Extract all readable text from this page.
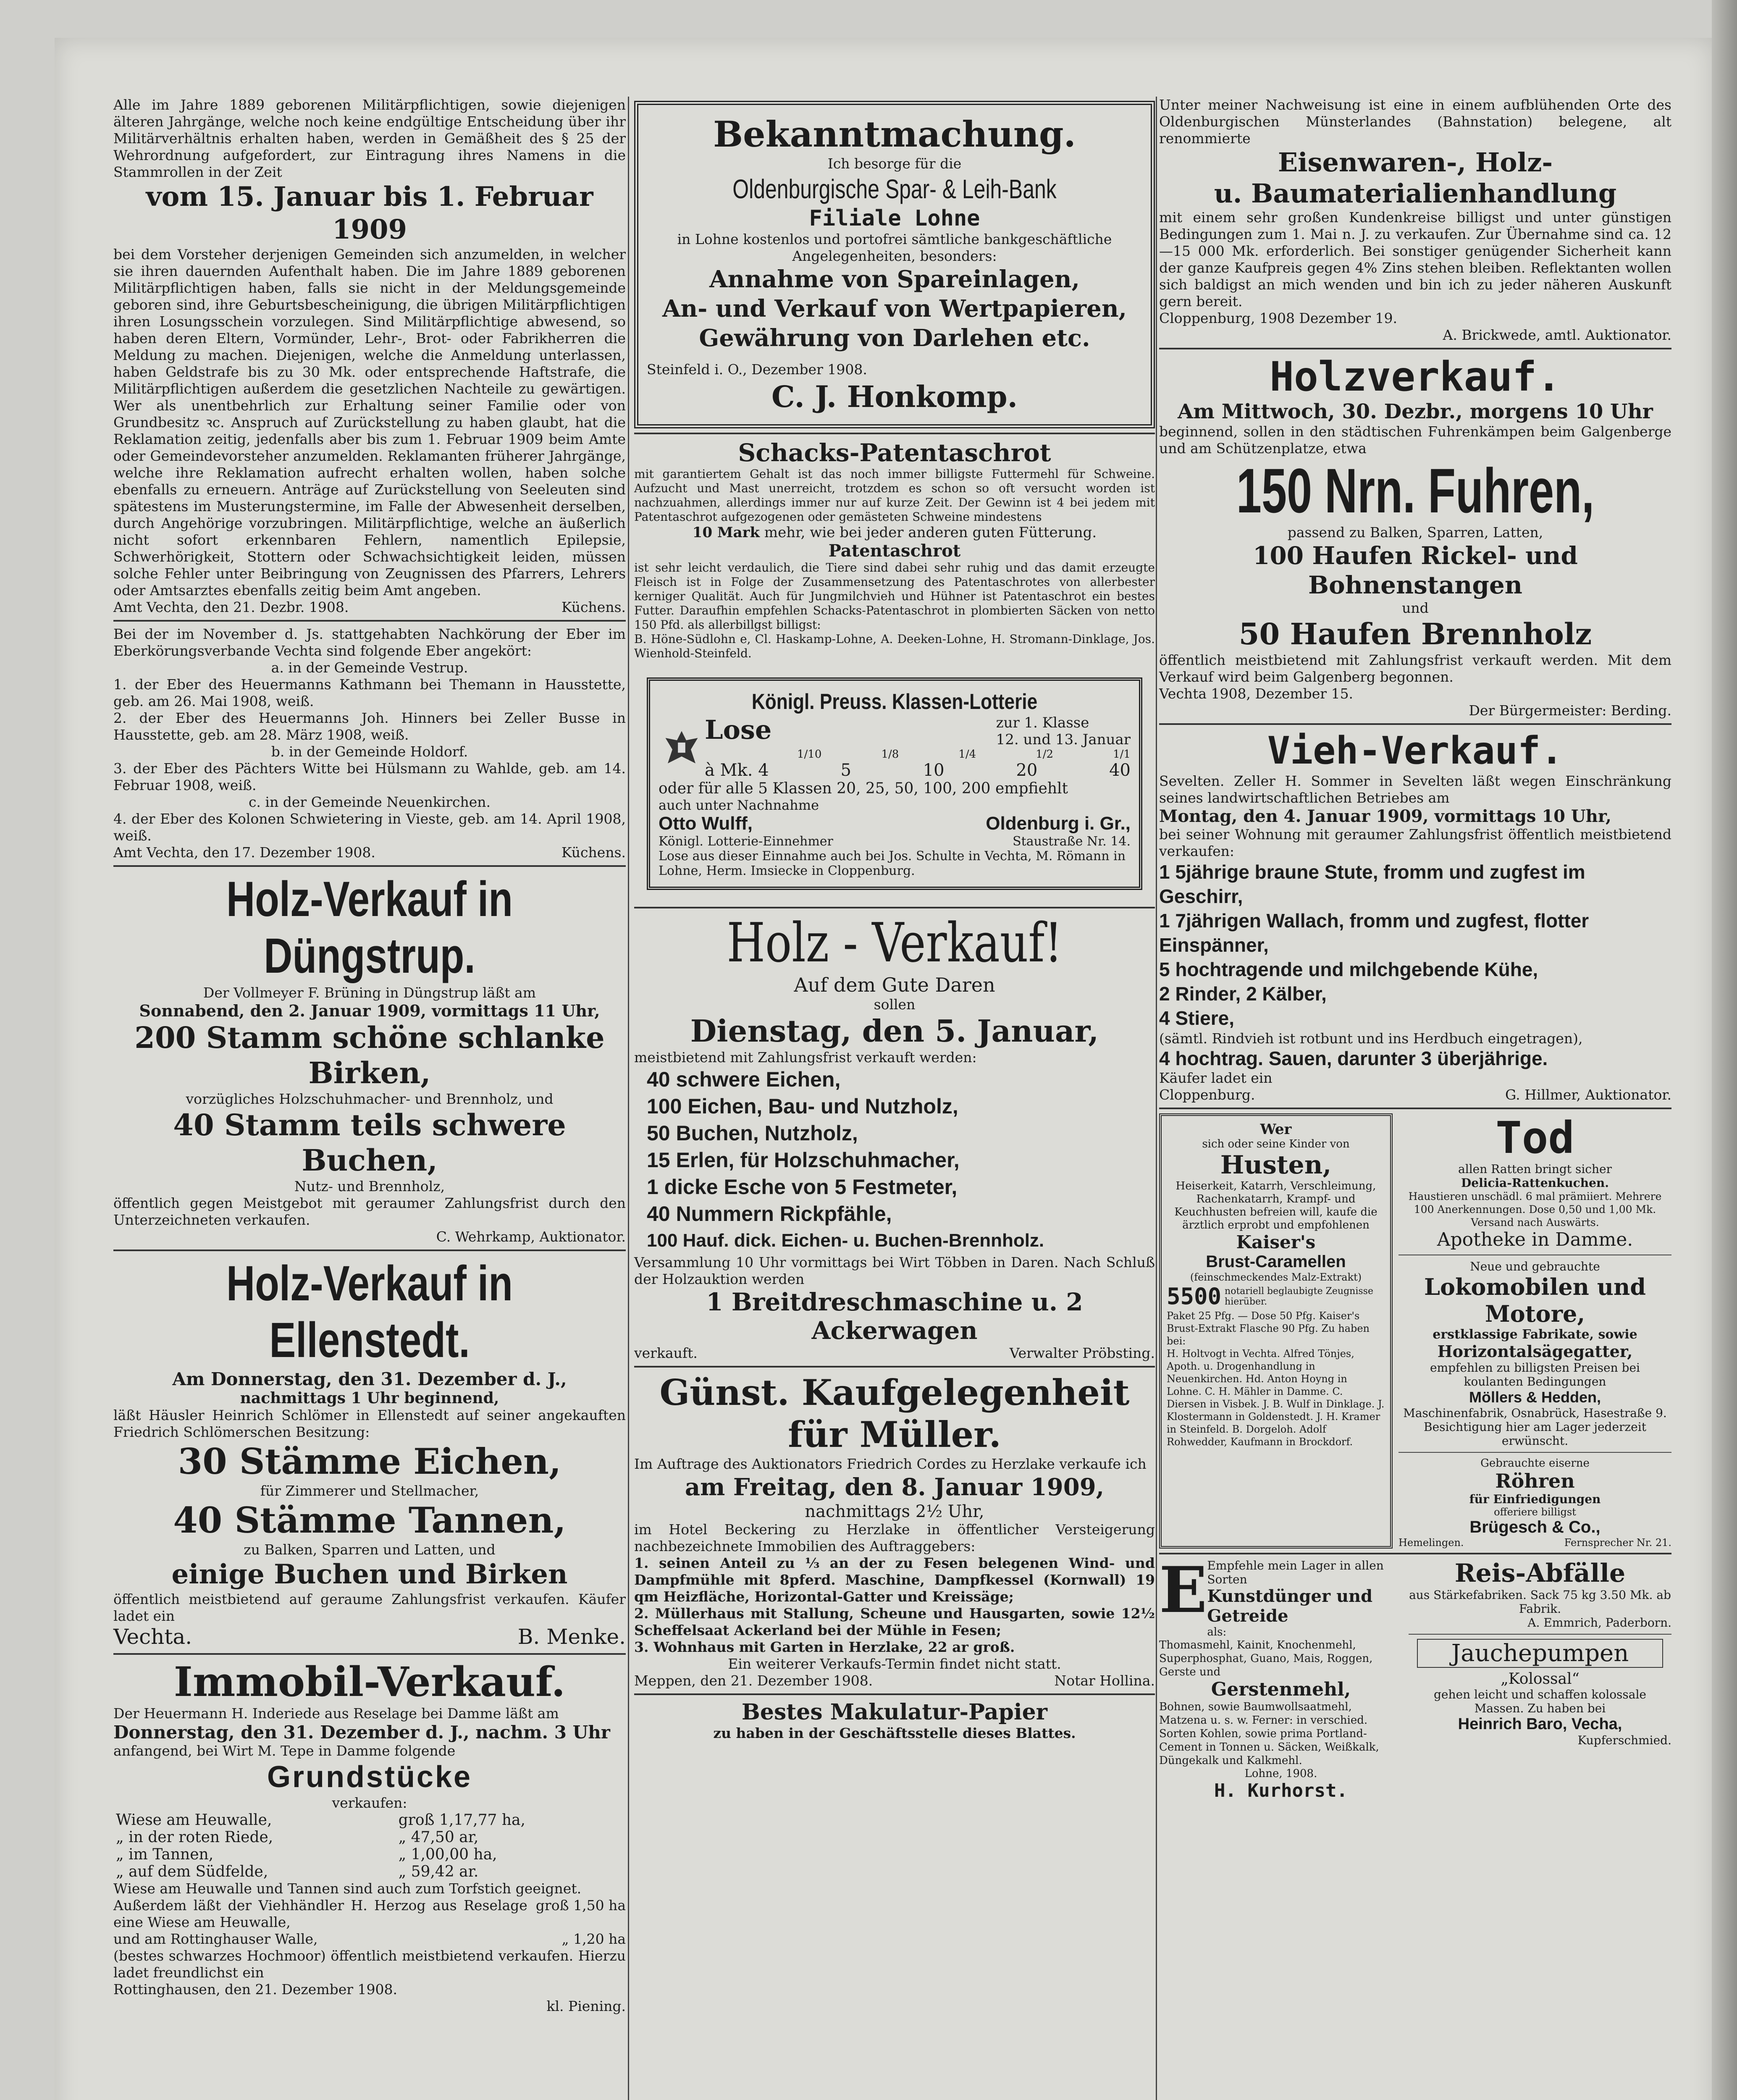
Alle im Jahre 1889 geborenen Militärpflichtigen, sowie diejenigen älteren Jahrgänge, welche noch keine endgültige Entscheidung über ihr Militärverhältnis erhalten haben, werden in Gemäßheit des § 25 der Wehrordnung aufgefordert, zur Eintragung ihres Namens in die Stammrollen in der Zeit

vom 15. Januar bis 1. Februar 1909

bei dem Vorsteher derjenigen Gemeinden sich anzumelden, in welcher sie ihren dauernden Aufenthalt haben. Die im Jahre 1889 geborenen Militärpflichtigen haben, falls sie nicht in der Meldungsgemeinde geboren sind, ihre Geburtsbescheinigung, die übrigen Militärpflichtigen ihren Losungsschein vorzulegen. Sind Militärpflichtige abwesend, so haben deren Eltern, Vormünder, Lehr-, Brot- oder Fabrikherren die Meldung zu machen. Diejenigen, welche die Anmeldung unterlassen, haben Geldstrafe bis zu 30 Mk. oder entsprechende Haftstrafe, die Militärpflichtigen außerdem die gesetzlichen Nachteile zu gewärtigen. Wer als unentbehrlich zur Erhaltung seiner Familie oder von Grundbesitz ꝛc. Anspruch auf Zurückstellung zu haben glaubt, hat die Reklamation zeitig, jedenfalls aber bis zum 1. Februar 1909 beim Amte oder Gemeindevorsteher anzumelden. Reklamanten früherer Jahrgänge, welche ihre Reklamation aufrecht erhalten wollen, haben solche ebenfalls zu erneuern. Anträge auf Zurückstellung von Seeleuten sind spätestens im Musterungstermine, im Falle der Abwesenheit derselben, durch Angehörige vorzubringen. Militärpflichtige, welche an äußerlich nicht sofort erkennbaren Fehlern, namentlich Epilepsie, Schwerhörigkeit, Stottern oder Schwachsichtigkeit leiden, müssen solche Fehler unter Beibringung von Zeugnissen des Pfarrers, Lehrers oder Amtsarztes ebenfalls zeitig beim Amt angeben.

Amt Vechta, den 21. Dezbr. 1908.	Küchens.

Bei der im November d. Js. stattgehabten Nachkörung der Eber im Eberkörungsverbande Vechta sind folgende Eber angekört:

a. in der Gemeinde Vestrup.

1. der Eber des Heuermanns Kathmann bei Themann in Hausstette, geb. am 26. Mai 1908, weiß.

2. der Eber des Heuermanns Joh. Hinners bei Zeller Busse in Hausstette, geb. am 28. März 1908, weiß.

b. in der Gemeinde Holdorf.

3. der Eber des Pächters Witte bei Hülsmann zu Wahlde, geb. am 14. Februar 1908, weiß.

c. in der Gemeinde Neuenkirchen.

4. der Eber des Kolonen Schwietering in Vieste, geb. am 14. April 1908, weiß.

Amt Vechta, den 17. Dezember 1908.	Küchens.

Holz-Verkauf in Düngstrup.

Der Vollmeyer F. Brüning in Düngstrup läßt am

Sonnabend, den 2. Januar 1909, vormittags 11 Uhr,

200 Stamm schöne schlanke Birken,

vorzügliches Holzschuhmacher- und Brennholz, und

40 Stamm teils schwere Buchen,

Nutz- und Brennholz,

öffentlich gegen Meistgebot mit geraumer Zahlungsfrist durch den Unterzeichneten verkaufen.

C. Wehrkamp, Auktionator.

Holz-Verkauf in Ellenstedt.

Am Donnerstag, den 31. Dezember d. J.,

nachmittags 1 Uhr beginnend,

läßt Häusler Heinrich Schlömer in Ellenstedt auf seiner angekauften Friedrich Schlömerschen Besitzung:

30 Stämme Eichen,

für Zimmerer und Stellmacher,

40 Stämme Tannen,

zu Balken, Sparren und Latten, und

einige Buchen und Birken

öffentlich meistbietend auf geraume Zahlungsfrist verkaufen. Käufer ladet ein

Vechta.	B. Menke.

Immobil-Verkauf.

Der Heuermann H. Inderiede aus Reselage bei Damme läßt am

Donnerstag, den 31. Dezember d. J., nachm. 3 Uhr

anfangend, bei Wirt M. Tepe in Damme folgende

Grundstücke

verkaufen:

Wiese am Heuwalle,	groß 1,17,77 ha,
„ in der roten Riede,	„ 47,50 ar,
„ im Tannen,	„ 1,00,00 ha,
„ auf dem Südfelde,	„ 59,42 ar.

Wiese am Heuwalle und Tannen sind auch zum Torfstich geeignet.

Außerdem läßt der Viehhändler H. Herzog aus Reselage eine Wiese am Heuwalle,
groß 1,50 ha
und am Rottinghauser Walle,	„ 1,20 ha

(bestes schwarzes Hochmoor) öffentlich meistbietend verkaufen. Hierzu ladet freundlichst ein

Rottinghausen, den 21. Dezember 1908.

kl. Piening.

Bekanntmachung.

Ich besorge für die

Oldenburgische Spar- & Leih-Bank

Filiale Lohne

in Lohne kostenlos und portofrei sämtliche bankgeschäftliche Angelegenheiten, besonders:

Annahme von Spareinlagen,

An- und Verkauf von Wertpapieren,

Gewährung von Darlehen etc.

Steinfeld i. O., Dezember 1908.

C. J. Honkomp.

Schacks-Patentaschrot

mit garantiertem Gehalt ist das noch immer billigste Futtermehl für Schweine. Aufzucht und Mast unerreicht, trotzdem es schon so oft versucht worden ist nachzuahmen, allerdings immer nur auf kurze Zeit. Der Gewinn ist 4 bei jedem mit Patentaschrot aufgezogenen oder gemästeten Schweine mindestens

10 Mark mehr, wie bei jeder anderen guten Fütterung.

Patentaschrot

ist sehr leicht verdaulich, die Tiere sind dabei sehr ruhig und das damit erzeugte Fleisch ist in Folge der Zusammensetzung des Patentaschrotes von allerbester kerniger Qualität. Auch für Jungmilchvieh und Hühner ist Patentaschrot ein bestes Futter. Daraufhin empfehlen Schacks-Patentaschrot in plombierten Säcken von netto 150 Pfd. als allerbillgst billigst:

B. Höne-Südlohn e, Cl. Haskamp-Lohne, A. Deeken-Lohne, H. Stromann-Dinklage, Jos. Wienhold-Steinfeld.

Königl. Preuss. Klassen-Lotterie

Lose	zur 1. Klasse
12. und 13. Januar
1/10	1/8	1/4	1/2	1/1
à Mk. 4	5	10	20	40

oder für alle 5 Klassen 20, 25, 50, 100, 200 empfiehlt

auch unter Nachnahme

Otto Wulff,	Oldenburg i. Gr.,
Königl. Lotterie-Einnehmer	Staustraße Nr. 14.

Lose aus dieser Einnahme auch bei Jos. Schulte in Vechta, M. Römann in Lohne, Herm. Imsiecke in Cloppenburg.

Holz - Verkauf!

Auf dem Gute Daren

sollen

Dienstag, den 5. Januar,

meistbietend mit Zahlungsfrist verkauft werden:

40 schwere Eichen,
100 Eichen, Bau- und Nutzholz,
50 Buchen, Nutzholz,
15 Erlen, für Holzschuhmacher,
1 dicke Esche von 5 Festmeter,
40 Nummern Rickpfähle,
100 Hauf. dick. Eichen- u. Buchen-Brennholz.

Versammlung 10 Uhr vormittags bei Wirt Többen in Daren. Nach Schluß der Holzauktion werden

1 Breitdreschmaschine u. 2 Ackerwagen

verkauft.	Verwalter Pröbsting.

Günst. Kaufgelegenheit

für Müller.

Im Auftrage des Auktionators Friedrich Cordes zu Herzlake verkaufe ich

am Freitag, den 8. Januar 1909,

nachmittags 2½ Uhr,

im Hotel Beckering zu Herzlake in öffentlicher Versteigerung nachbezeichnete Immobilien des Auftraggebers:

1. seinen Anteil zu ⅓ an der zu Fesen belegenen Wind- und Dampfmühle mit 8pferd. Maschine, Dampfkessel (Kornwall) 19 qm Heizfläche, Horizontal-Gatter und Kreissäge;

2. Müllerhaus mit Stallung, Scheune und Hausgarten, sowie 12½ Scheffelsaat Ackerland bei der Mühle in Fesen;

3. Wohnhaus mit Garten in Herzlake, 22 ar groß.

Ein weiterer Verkaufs-Termin findet nicht statt.

Meppen, den 21. Dezember 1908.	Notar Hollina.

Bestes Makulatur-Papier

zu haben in der Geschäftsstelle dieses Blattes.

Unter meiner Nachweisung ist eine in einem aufblühenden Orte des Oldenburgischen Münsterlandes (Bahnstation) belegene, alt renommierte

Eisenwaren-, Holz-

u. Baumaterialienhandlung

mit einem sehr großen Kundenkreise billigst und unter günstigen Bedingungen zum 1. Mai n. J. zu verkaufen. Zur Übernahme sind ca. 12—15 000 Mk. erforderlich. Bei sonstiger genügender Sicherheit kann der ganze Kaufpreis gegen 4% Zins stehen bleiben. Reflektanten wollen sich baldigst an mich wenden und bin ich zu jeder näheren Auskunft gern bereit.

Cloppenburg, 1908 Dezember 19.

A. Brickwede, amtl. Auktionator.

Holzverkauf.

Am Mittwoch, 30. Dezbr., morgens 10 Uhr

beginnend, sollen in den städtischen Fuhrenkämpen beim Galgenberge und am Schützenplatze, etwa

150 Nrn. Fuhren,

passend zu Balken, Sparren, Latten,

100 Haufen Rickel- und Bohnenstangen

und

50 Haufen Brennholz

öffentlich meistbietend mit Zahlungsfrist verkauft werden. Mit dem Verkauf wird beim Galgenberg begonnen.

Vechta 1908, Dezember 15.

Der Bürgermeister: Berding.

Vieh-Verkauf.

Sevelten. Zeller H. Sommer in Sevelten läßt wegen Einschränkung seines landwirtschaftlichen Betriebes am

Montag, den 4. Januar 1909, vormittags 10 Uhr,

bei seiner Wohnung mit geraumer Zahlungsfrist öffentlich meistbietend verkaufen:

1 5jährige braune Stute, fromm und zugfest im Geschirr,
1 7jährigen Wallach, fromm und zugfest, flotter Einspänner,
5 hochtragende und milchgebende Kühe,
2 Rinder, 2 Kälber,
4 Stiere,

(sämtl. Rindvieh ist rotbunt und ins Herdbuch eingetragen),

4 hochtrag. Sauen, darunter 3 überjährige.

Käufer ladet ein

Cloppenburg.	G. Hillmer, Auktionator.

Wer

sich oder seine Kinder von

Husten,

Heiserkeit, Katarrh, Verschleimung, Rachenkatarrh, Krampf- und Keuchhusten befreien will, kaufe die ärztlich erprobt und empfohlenen

Kaiser's

Brust-Caramellen

(feinschmeckendes Malz-Extrakt)

5500 notariell beglaubigte Zeugnisse hierüber.

Paket 25 Pfg. — Dose 50 Pfg. Kaiser's Brust-Extrakt Flasche 90 Pfg. Zu haben bei:

H. Holtvogt in Vechta. Alfred Tönjes, Apoth. u. Drogenhandlung in Neuenkirchen. Hd. Anton Hoyng in Lohne. C. H. Mähler in Damme. C. Diersen in Visbek. J. B. Wulf in Dinklage. J. Klostermann in Goldenstedt. J. H. Kramer in Steinfeld. B. Dorgeloh. Adolf Rohwedder, Kaufmann in Brockdorf.

Tod

allen Ratten bringt sicher

Delicia-Rattenkuchen.

Haustieren unschädl. 6 mal prämiiert. Mehrere 100 Anerkennungen. Dose 0,50 und 1,00 Mk. Versand nach Auswärts.

Apotheke in Damme.

Neue und gebrauchte

Lokomobilen und

Motore,

erstklassige Fabrikate, sowie

Horizontalsägegatter,

empfehlen zu billigsten Preisen bei koulanten Bedingungen

Möllers & Hedden,

Maschinenfabrik, Osnabrück, Hasestraße 9.

Besichtigung hier am Lager jederzeit erwünscht.

Gebrauchte eiserne

Röhren

für Einfriedigungen

offeriere billigst

Brügesch & Co.,

Hemelingen.	Fernsprecher Nr. 21.
E Empfehle mein Lager in allen Sorten

Kunstdünger und Getreide

als:

Thomasmehl, Kainit, Knochenmehl, Superphosphat, Guano, Mais, Roggen, Gerste und

Gerstenmehl,

Bohnen, sowie Baumwollsaatmehl, Matzena u. s. w. Ferner: in verschied. Sorten Kohlen, sowie prima Portland-Cement in Tonnen u. Säcken, Weißkalk, Düngekalk und Kalkmehl.

Lohne, 1908.

H. Kurhorst.

Reis-Abfälle

aus Stärkefabriken. Sack 75 kg 3.50 Mk. ab Fabrik.

A. Emmrich, Paderborn.

Jauchepumpen

„Kolossal“

gehen leicht und schaffen kolossale Massen. Zu haben bei

Heinrich Baro, Vecha,

Kupferschmied.
